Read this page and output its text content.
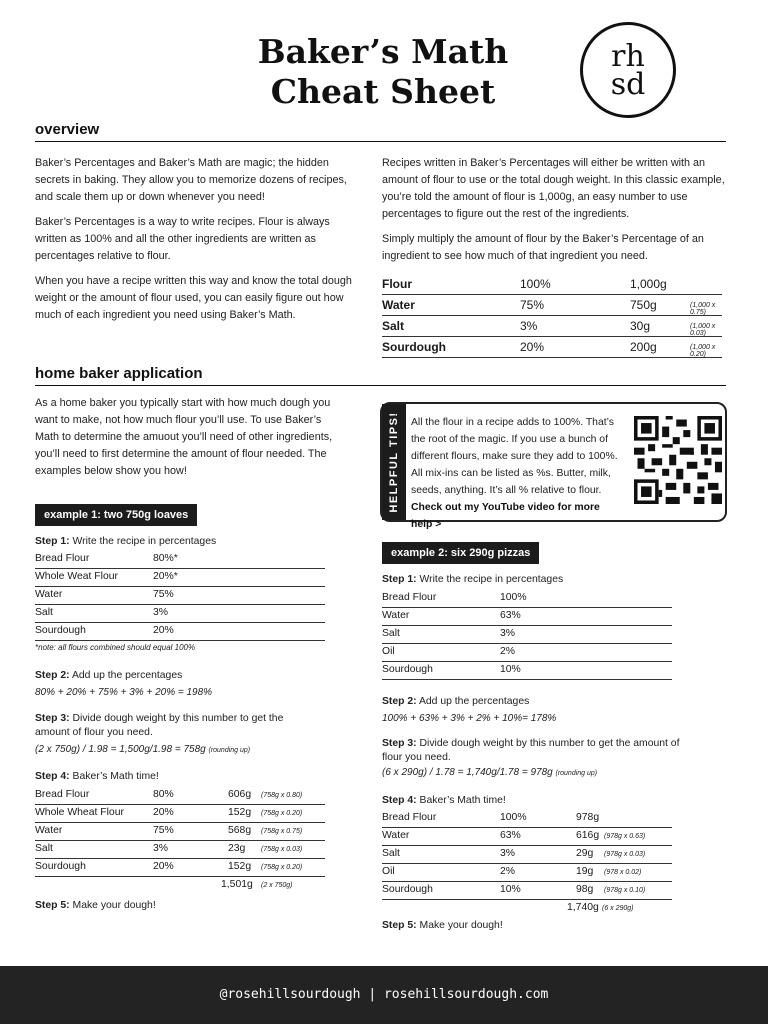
Baker’s Math
Cheat Sheet
rh
sd
overview

Baker’s Percentages and Baker’s Math are magic; the hidden secrets in baking. They allow you to memorize dozens of recipes, and scale them up or down whenever you need!

Baker’s Percentages is a way to write recipes. Flour is always written as 100% and all the other ingredients are written as percentages relative to flour.

When you have a recipe written this way and know the total dough weight or the amount of flour used, you can easily figure out how much of each ingredient you need using Baker’s Math.

Recipes written in Baker’s Percentages will either be written with an amount of flour to use or the total dough weight. In this classic example, you’re told the amount of flour is 1,000g, an easy number to use percentages to figure out the rest of the ingredients.

Simply multiply the amount of flour by the Baker’s Percentage of an ingredient to see how much of that ingredient you need.

Flour	100%	1,000g
Water	75%	750g	(1,000 x 0.75)
Salt	3%	30g	(1,000 x 0.03)
Sourdough	20%	200g	(1,000 x 0.20)
home baker application
As a home baker you typically start with how much dough you want to make, not how much flour you’ll use. To use Baker’s Math to determine the amuout you’ll need of other ingredients, you’ll need to first determine the amount of flour needed. The examples below show you how!	HELPFUL TIPS! All the flour in a recipe adds to 100%. That’s the root of the magic. If you use a bunch of different flours, make sure they add to 100%. All mix-ins can be listed as %s. Butter, milk, seeds, anything. It’s all % relative to flour.
Check out my YouTube video for more help >
example 1: two 750g loaves
Step 1: Write the recipe in percentages
Bread Flour	80%*
Whole Weat Flour	20%*
Water	75%
Salt	3%
Sourdough	20%
*note: all flours combined should equal 100%
Step 2: Add up the percentages
80% + 20% + 75% + 3% + 20% = 198%
Step 3: Divide dough weight by this number to get the amount of flour you need.
(2 x 750g) / 1.98 = 1,500g/1.98 = 758g (rounding up)
Step 4: Baker’s Math time!
Bread Flour	80%	606g (758g x 0.80)
Whole Wheat Flour	20%	152g (758g x 0.20)
Water	75%	568g (758g x 0.75)
Salt	3%	23g (758g x 0.03)
Sourdough	20%	152g (758g x 0.20)
1,501g (2 x 750g)
Step 5: Make your dough!
example 2: six 290g pizzas
Step 1: Write the recipe in percentages
Bread Flour	100%
Water	63%
Salt	3%
Oil	2%
Sourdough	10%
Step 2: Add up the percentages
100% + 63% + 3% + 2% + 10%= 178%
Step 3: Divide dough weight by this number to get the amount of flour you need.
(6 x 290g) / 1.78 = 1,740g/1.78 = 978g (rounding up)
Step 4: Baker’s Math time!
Bread Flour	100%	978g
Water	63%	616g (978g x 0.63)
Salt	3%	29g (978g x 0.03)
Oil	2%	19g (978 x 0.02)
Sourdough	10%	98g (978g x 0.10)
1,740g (6 x 290g)
Step 5: Make your dough!
@rosehillsourdough | rosehillsourdough.com
